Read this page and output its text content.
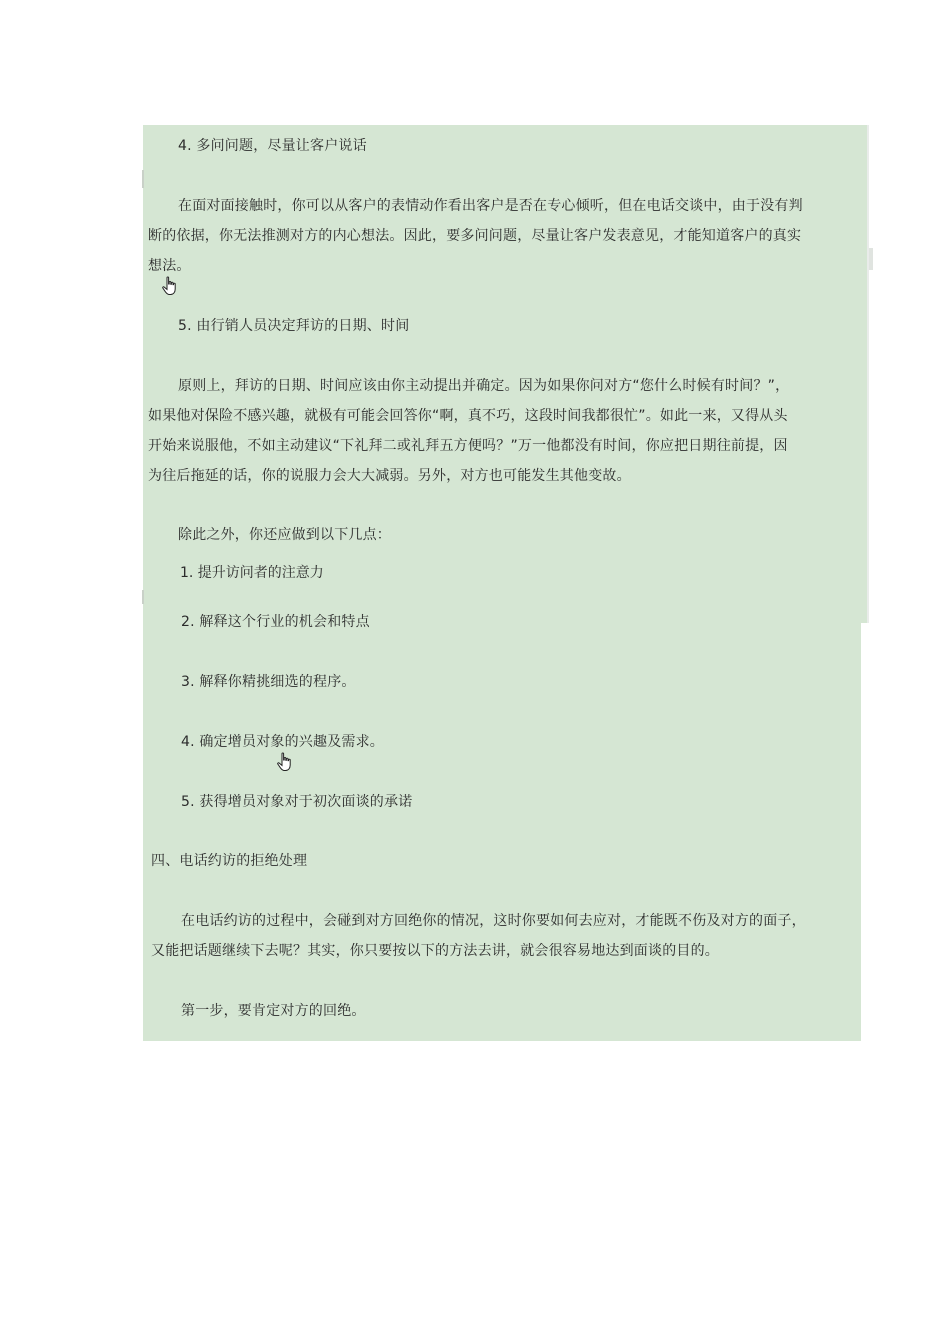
4. 多问问题，尽量让客户说话
在面对面接触时，你可以从客户的表情动作看出客户是否在专心倾听，但在电话交谈中，由于没有判
断的依据，你无法推测对方的内心想法。因此，要多问问题，尽量让客户发表意见，才能知道客户的真实
想法。
5. 由行销人员决定拜访的日期、时间
原则上，拜访的日期、时间应该由你主动提出并确定。因为如果你问对方“您什么时候有时间？”，
如果他对保险不感兴趣，就极有可能会回答你“啊，真不巧，这段时间我都很忙”。如此一来，又得从头
开始来说服他，不如主动建议“下礼拜二或礼拜五方便吗？”万一他都没有时间，你应把日期往前提，因
为往后拖延的话，你的说服力会大大减弱。另外，对方也可能发生其他变故。
除此之外，你还应做到以下几点：
1. 提升访问者的注意力
2. 解释这个行业的机会和特点
3. 解释你精挑细选的程序。
4. 确定增员对象的兴趣及需求。
5. 获得增员对象对于初次面谈的承诺
四、电话约访的拒绝处理
在电话约访的过程中，会碰到对方回绝你的情况，这时你要如何去应对，才能既不伤及对方的面子，
又能把话题继续下去呢？其实，你只要按以下的方法去讲，就会很容易地达到面谈的目的。
第一步，要肯定对方的回绝。
